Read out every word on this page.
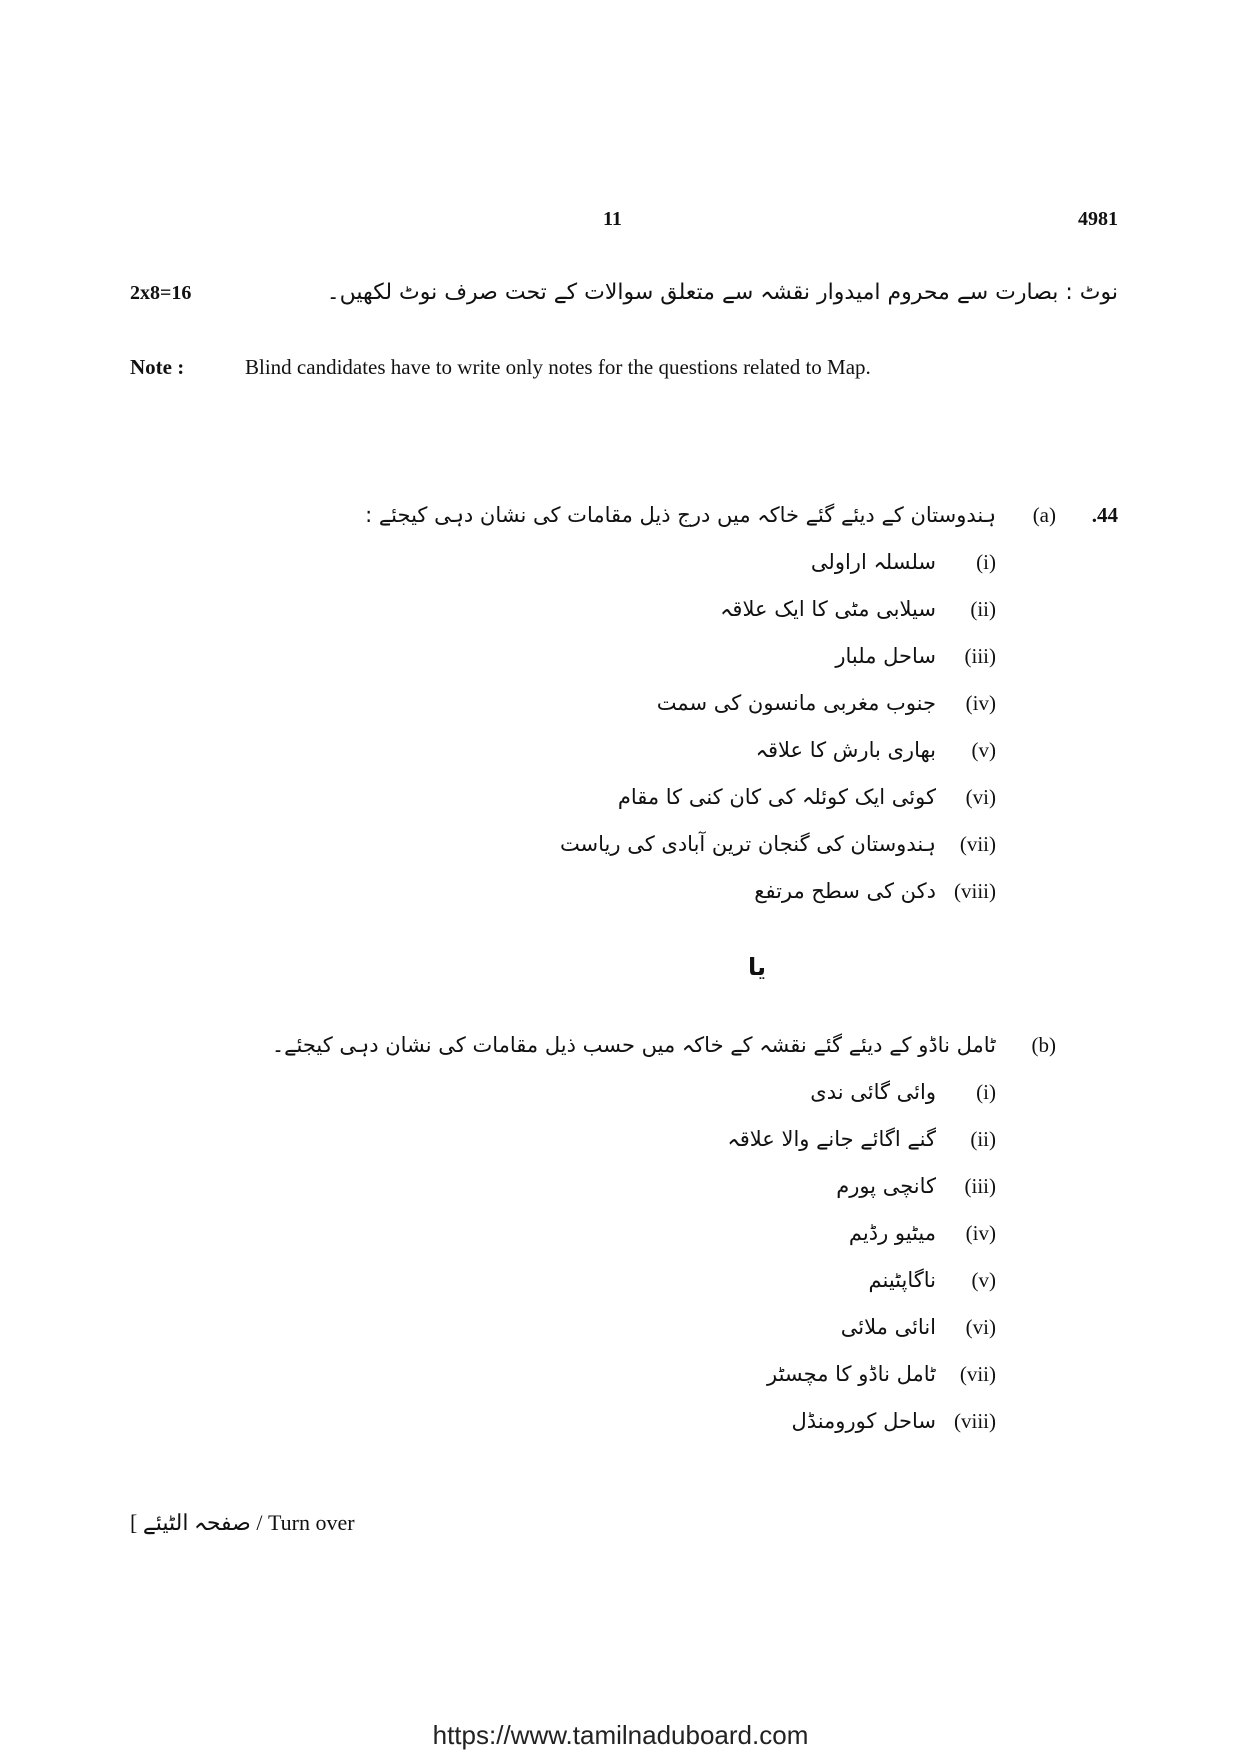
11	4981
نوٹ : بصارت سے محروم امیدوار نقشہ سے متعلق سوالات کے تحت صرف نوٹ لکھیں۔
2x8=16
Note :	Blind candidates have to write only notes for the questions related to Map.
.44
(a)
ہندوستان کے دیئے گئے خاکہ میں درج ذیل مقامات کی نشان دہی کیجئے :
(i)
سلسلہ اراولی
(ii)
سیلابی مٹی کا ایک علاقہ
(iii)
ساحل ملبار
(iv)
جنوب مغربی مانسون کی سمت
(v)
بھاری بارش کا علاقہ
(vi)
کوئی ایک کوئلہ کی کان کنی کا مقام
(vii)
ہندوستان کی گنجان ترین آبادی کی ریاست
(viii)
دکن کی سطح مرتفع
یا
(b)
ٹامل ناڈو کے دیئے گئے نقشہ کے خاکہ میں حسب ذیل مقامات کی نشان دہی کیجئے۔
(i)
وائی گائی ندی
(ii)
گنے اگائے جانے والا علاقہ
(iii)
کانچی پورم
(iv)
میٹیو رڈیم
(v)
ناگاپٹینم
(vi)
انائی ملائی
(vii)
ٹامل ناڈو کا مچسٹر
(viii)
ساحل کورومنڈل
[ صفحہ الٹیئے / Turn over
https://www.tamilnaduboard.com
